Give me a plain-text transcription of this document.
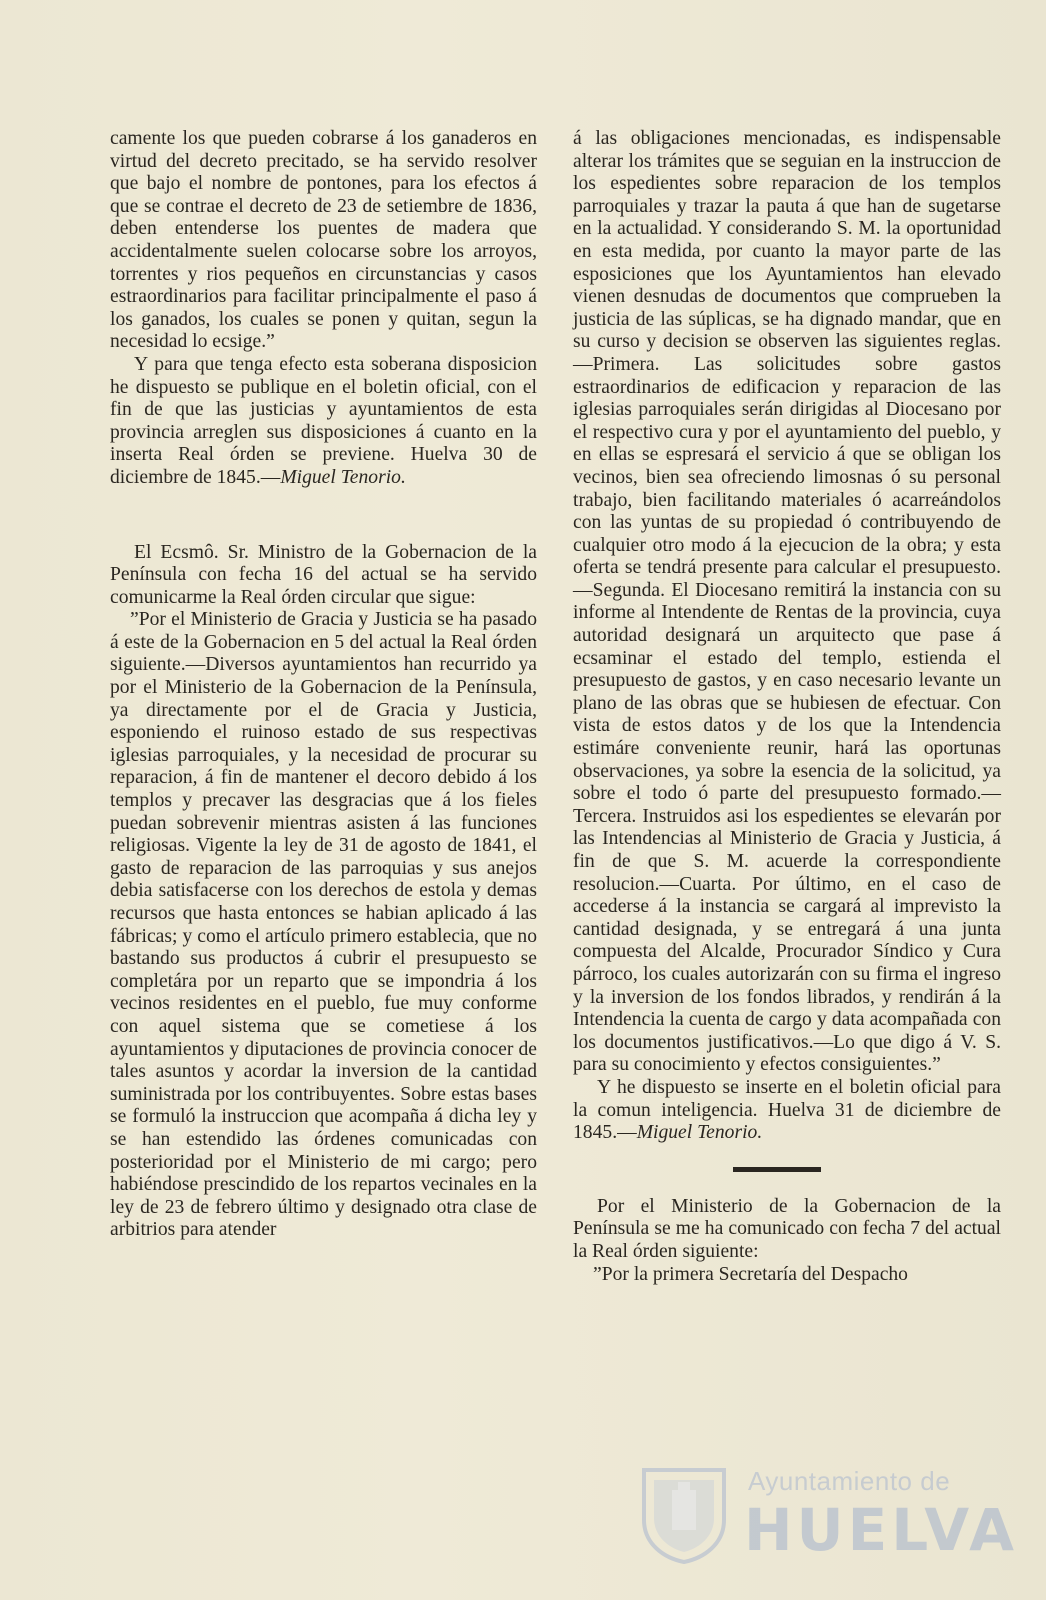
camente los que pueden cobrarse á los ganaderos en virtud del decreto precitado, se ha servido resolver que bajo el nombre de pontones, para los efectos á que se contrae el decreto de 23 de setiembre de 1836, deben entenderse los puentes de madera que accidentalmente suelen colocarse sobre los arroyos, torrentes y rios pequeños en circunstancias y casos estraordinarios para facilitar principalmente el paso á los ganados, los cuales se ponen y quitan, segun la necesidad lo ecsige.”

Y para que tenga efecto esta soberana disposicion he dispuesto se publique en el boletin oficial, con el fin de que las justicias y ayuntamientos de esta provincia arreglen sus disposiciones á cuanto en la inserta Real órden se previene. Huelva 30 de diciembre de 1845.—Miguel Tenorio.

El Ecsmô. Sr. Ministro de la Gobernacion de la Península con fecha 16 del actual se ha servido comunicarme la Real órden circular que sigue:

”Por el Ministerio de Gracia y Justicia se ha pasado á este de la Gobernacion en 5 del actual la Real órden siguiente.—Diversos ayuntamientos han recurrido ya por el Ministerio de la Gobernacion de la Península, ya directamente por el de Gracia y Justicia, esponiendo el ruinoso estado de sus respectivas iglesias parroquiales, y la necesidad de procurar su reparacion, á fin de mantener el decoro debido á los templos y precaver las desgracias que á los fieles puedan sobrevenir mientras asisten á las funciones religiosas. Vigente la ley de 31 de agosto de 1841, el gasto de reparacion de las parroquias y sus anejos debia satisfacerse con los derechos de estola y demas recursos que hasta entonces se habian aplicado á las fábricas; y como el artículo primero establecia, que no bastando sus productos á cubrir el presupuesto se completára por un reparto que se impondria á los vecinos residentes en el pueblo, fue muy conforme con aquel sistema que se cometiese á los ayuntamientos y diputaciones de provincia conocer de tales asuntos y acordar la inversion de la cantidad suministrada por los contribuyentes. Sobre estas bases se formuló la instruccion que acompaña á dicha ley y se han estendido las órdenes comunicadas con posterioridad por el Ministerio de mi cargo; pero habiéndose prescindido de los repartos vecinales en la ley de 23 de febrero último y designado otra clase de arbitrios para atender

á las obligaciones mencionadas, es indispensable alterar los trámites que se seguian en la instruccion de los espedientes sobre reparacion de los templos parroquiales y trazar la pauta á que han de sugetarse en la actualidad. Y considerando S. M. la oportunidad en esta medida, por cuanto la mayor parte de las esposiciones que los Ayuntamientos han elevado vienen desnudas de documentos que comprueben la justicia de las súplicas, se ha dignado mandar, que en su curso y decision se observen las siguientes reglas.—Primera. Las solicitudes sobre gastos estraordinarios de edificacion y reparacion de las iglesias parroquiales serán dirigidas al Diocesano por el respectivo cura y por el ayuntamiento del pueblo, y en ellas se espresará el servicio á que se obligan los vecinos, bien sea ofreciendo limosnas ó su personal trabajo, bien facilitando materiales ó acarreándolos con las yuntas de su propiedad ó contribuyendo de cualquier otro modo á la ejecucion de la obra; y esta oferta se tendrá presente para calcular el presupuesto.—Segunda. El Diocesano remitirá la instancia con su informe al Intendente de Rentas de la provincia, cuya autoridad designará un arquitecto que pase á ecsaminar el estado del templo, estienda el presupuesto de gastos, y en caso necesario levante un plano de las obras que se hubiesen de efectuar. Con vista de estos datos y de los que la Intendencia estimáre conveniente reunir, hará las oportunas observaciones, ya sobre la esencia de la solicitud, ya sobre el todo ó parte del presupuesto formado.—Tercera. Instruidos asi los espedientes se elevarán por las Intendencias al Ministerio de Gracia y Justicia, á fin de que S. M. acuerde la correspondiente resolucion.—Cuarta. Por último, en el caso de accederse á la instancia se cargará al imprevisto la cantidad designada, y se entregará á una junta compuesta del Alcalde, Procurador Síndico y Cura párroco, los cuales autorizarán con su firma el ingreso y la inversion de los fondos librados, y rendirán á la Intendencia la cuenta de cargo y data acompañada con los documentos justificativos.—Lo que digo á V. S. para su conocimiento y efectos consiguientes.”

Y he dispuesto se inserte en el boletin oficial para la comun inteligencia. Huelva 31 de diciembre de 1845.—Miguel Tenorio.

Por el Ministerio de la Gobernacion de la Península se me ha comunicado con fecha 7 del actual la Real órden siguiente:

”Por la primera Secretaría del Despacho

Ayuntamiento de
HUELVA
